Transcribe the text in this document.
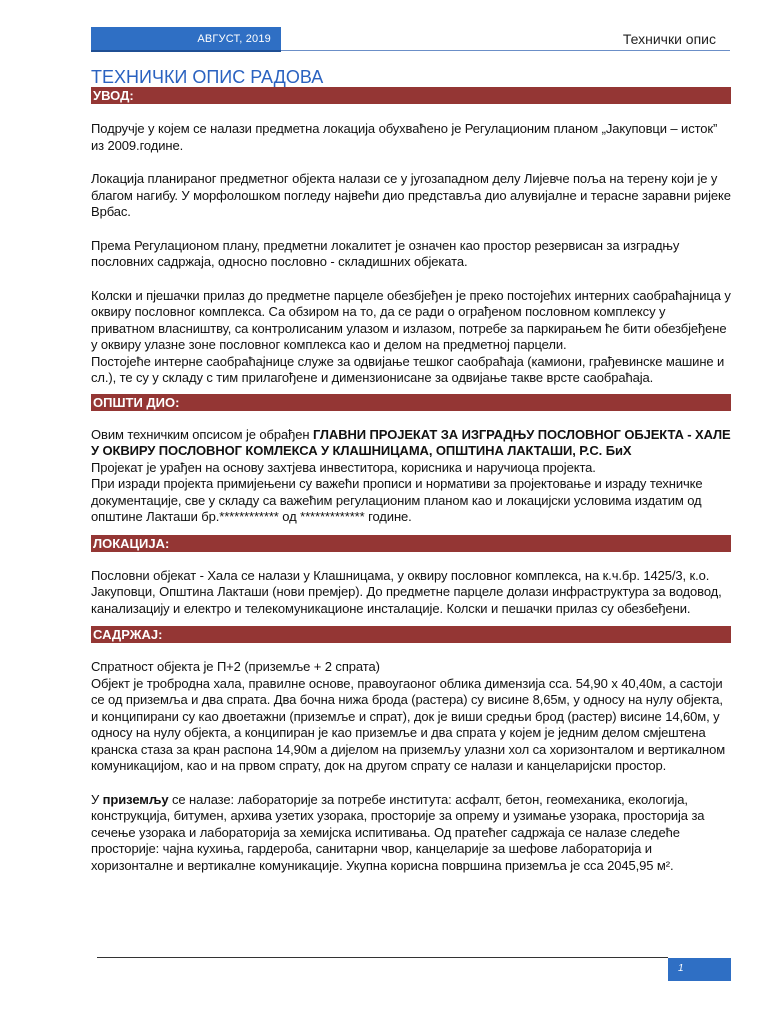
АВГУСТ, 2019	Технички опис
ТЕХНИЧКИ ОПИС РАДОВА
УВОД:

Подручје у којем се налази предметна локација обухваћено је Регулационим планом „Јакуповци – исток” из 2009.године.

Локација планираног предметног објекта налази се у југозападном делу Лијевче поља на терену који је у благом нагибу. У морфолошком погледу највећи дио представља дио алувијалне и терасне заравни ријеке Врбас.

Према Регулационом плану, предметни локалитет је означен као простор резервисан за изградњу пословних садржаја, односно пословно - складишних објеката.

Колски и пјешачки прилаз до предметне парцеле обезбјеђен је преко постојећих интерних саобраћајница у оквиру пословног комплекса. Са обзиром на то, да се ради о ограђеном пословном комплексу у приватном власништву, са контролисаним улазом и излазом, потребе за паркирањем ће бити обезбјеђене у оквиру улазне зоне пословног комплекса као и делом на предметној парцели.

Постојеће интерне саобраћајнице служе за одвијање тешког саобраћаја (камиони, грађевинске машине и сл.), те су у складу с тим прилагођене и димензионисане за одвијање такве врсте саобраћаја.

ОПШТИ ДИО:

Овим техничким опсисом је обрађен ГЛАВНИ ПРОЈЕКАТ ЗА ИЗГРАДЊУ ПОСЛОВНОГ ОБЈЕКТА - ХАЛЕ У ОКВИРУ ПОСЛОВНОГ КОМЛЕКСА У КЛАШНИЦАМА, ОПШТИНА ЛАКТАШИ, Р.С. БиХ

Пројекат је урађен на основу захтјева инвеститора, корисника и наручиоца пројекта.

При изради пројекта примијењени су важећи прописи и нормативи за пројектовање и израду техничке документације, све у складу са важећим регулационим планом као и локацијски условима издатим од општине Лакташи бр.************ од ************* године.

ЛОКАЦИЈА:

Пословни објекат - Хала се налази у Клашницама, у оквиру пословног комплекса, на к.ч.бр. 1425/3, к.о. Јакуповци, Општина Лакташи (нови премјер). До предметне парцеле долази инфраструктура за водовод, канализацију и електро и телекомуникационе инсталације. Колски и пешачки прилаз су обезбеђени.

САДРЖАЈ:

Спратност објекта је П+2 (приземље + 2 спрата)

Објект је тробродна хала, правилне основе, правоугаоног облика димензија сса. 54,90 x 40,40м, а састоји се од приземља и два спрата. Два бочна нижа брода (растера) су висине 8,65м, у односу на нулу објекта, и конципирани су као двоетажни (приземље и спрат), док је виши средњи брод (растер) висине 14,60м, у односу на нулу објекта, а конципиран је као приземље и два спрата у којем је једним делом смјештена кранска стаза за кран распона 14,90м а дијелом на приземљу улазни хол са хоризонталом и вертикалном комуникацијом, као и на првом спрату, док на другом спрату се налази и канцеларијски простор.

У приземљу се налазе: лабораторије за потребе института: асфалт, бетон, геомеханика, екологија, конструкција, битумен, архива узетих узорака, просторије за опрему и узимање узорака, просторија за сечење узорака и лабораторија за хемијска испитивања. Од пратећег садржаја се налазе следеће просторије: чајна кухиња, гардероба, санитарни чвор, канцеларије за шефове лабораторија и хоризонталне и вертикалне комуникације. Укупна корисна површина приземља је сса 2045,95 м².

1
